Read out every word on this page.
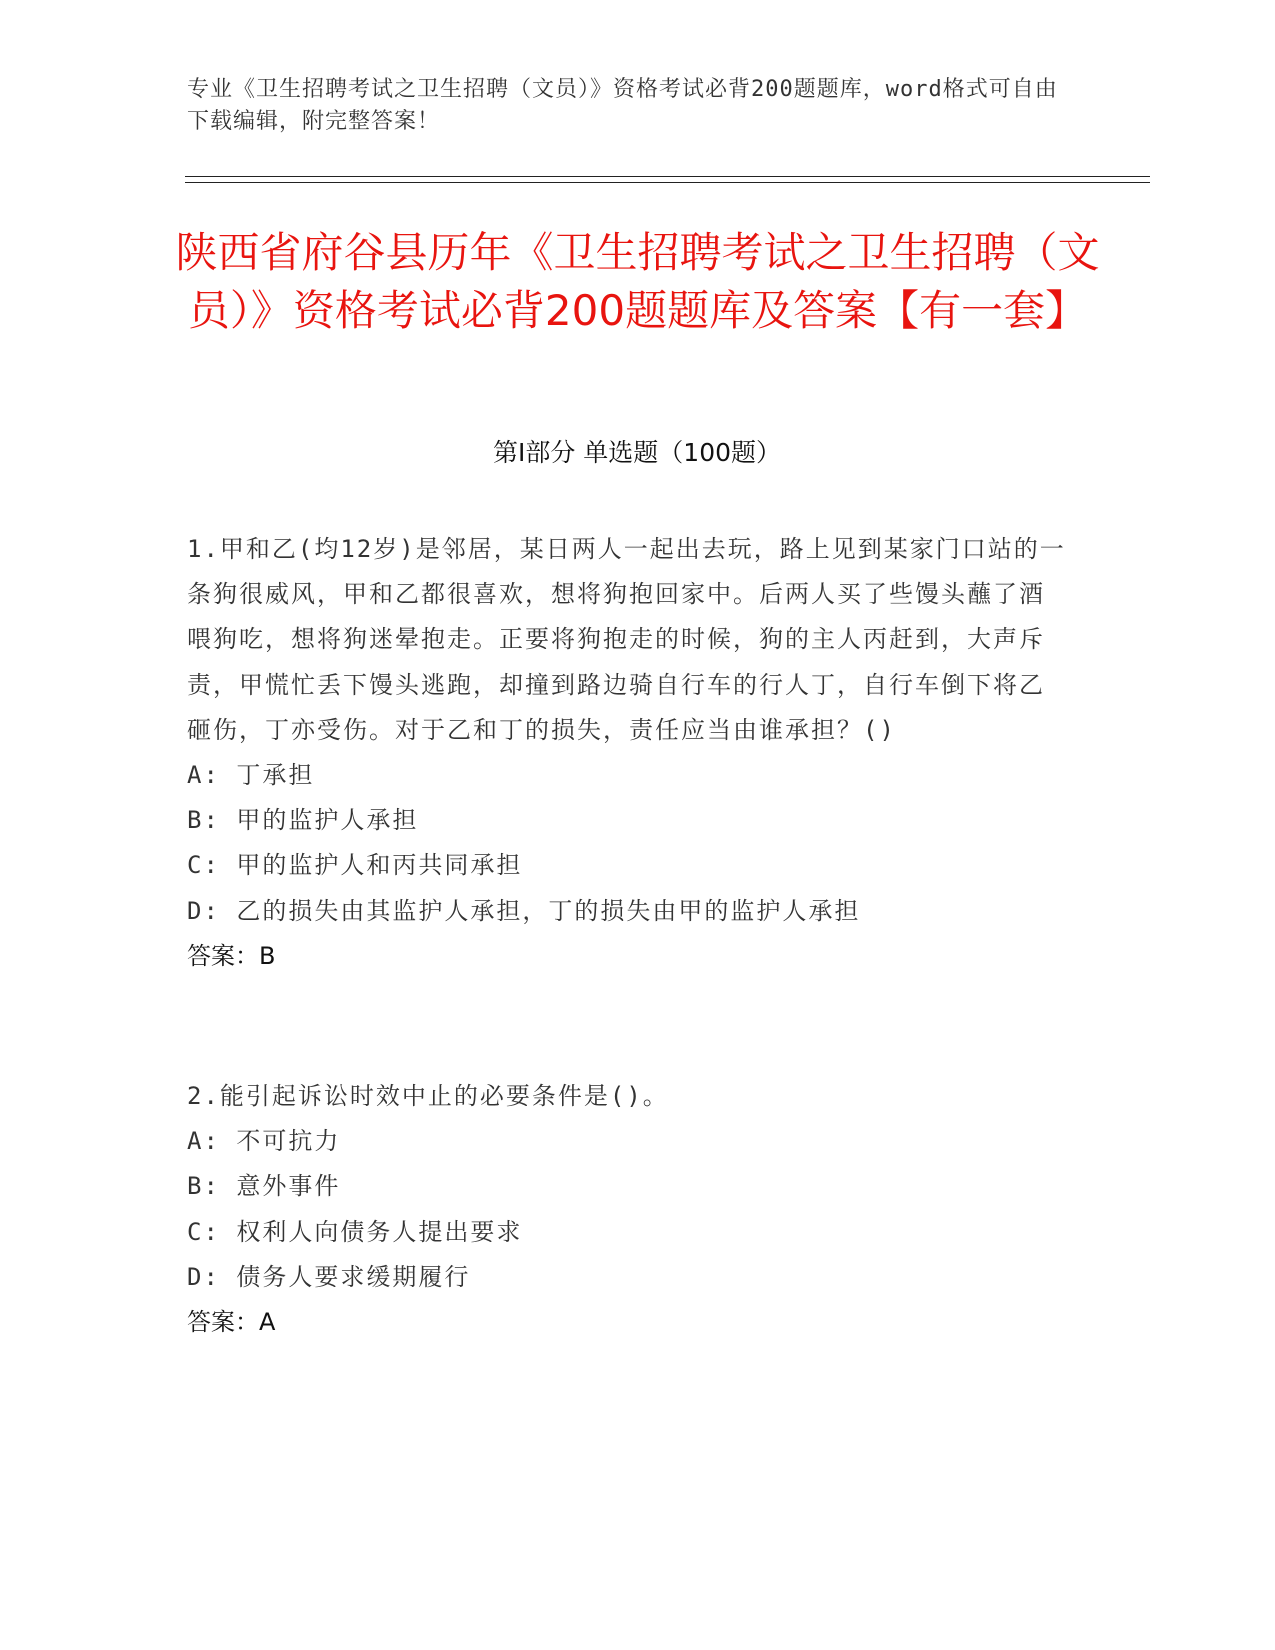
专业《卫生招聘考试之卫生招聘（文员）》资格考试必背200题题库，word格式可自由下载编辑，附完整答案！
陕西省府谷县历年《卫生招聘考试之卫生招聘（文员）》资格考试必背200题题库及答案【有一套】
第I部分 单选题（100题）

1.甲和乙(均12岁)是邻居，某日两人一起出去玩，路上见到某家门口站的一条狗很威风，甲和乙都很喜欢，想将狗抱回家中。后两人买了些馒头蘸了酒喂狗吃，想将狗迷晕抱走。正要将狗抱走的时候，狗的主人丙赶到，大声斥责，甲慌忙丢下馒头逃跑，却撞到路边骑自行车的行人丁，自行车倒下将乙砸伤，丁亦受伤。对于乙和丁的损失，责任应当由谁承担？()

A: 丁承担

B: 甲的监护人承担

C: 甲的监护人和丙共同承担

D: 乙的损失由其监护人承担，丁的损失由甲的监护人承担

答案：B

2.能引起诉讼时效中止的必要条件是()。

A: 不可抗力

B: 意外事件

C: 权利人向债务人提出要求

D: 债务人要求缓期履行

答案：A
